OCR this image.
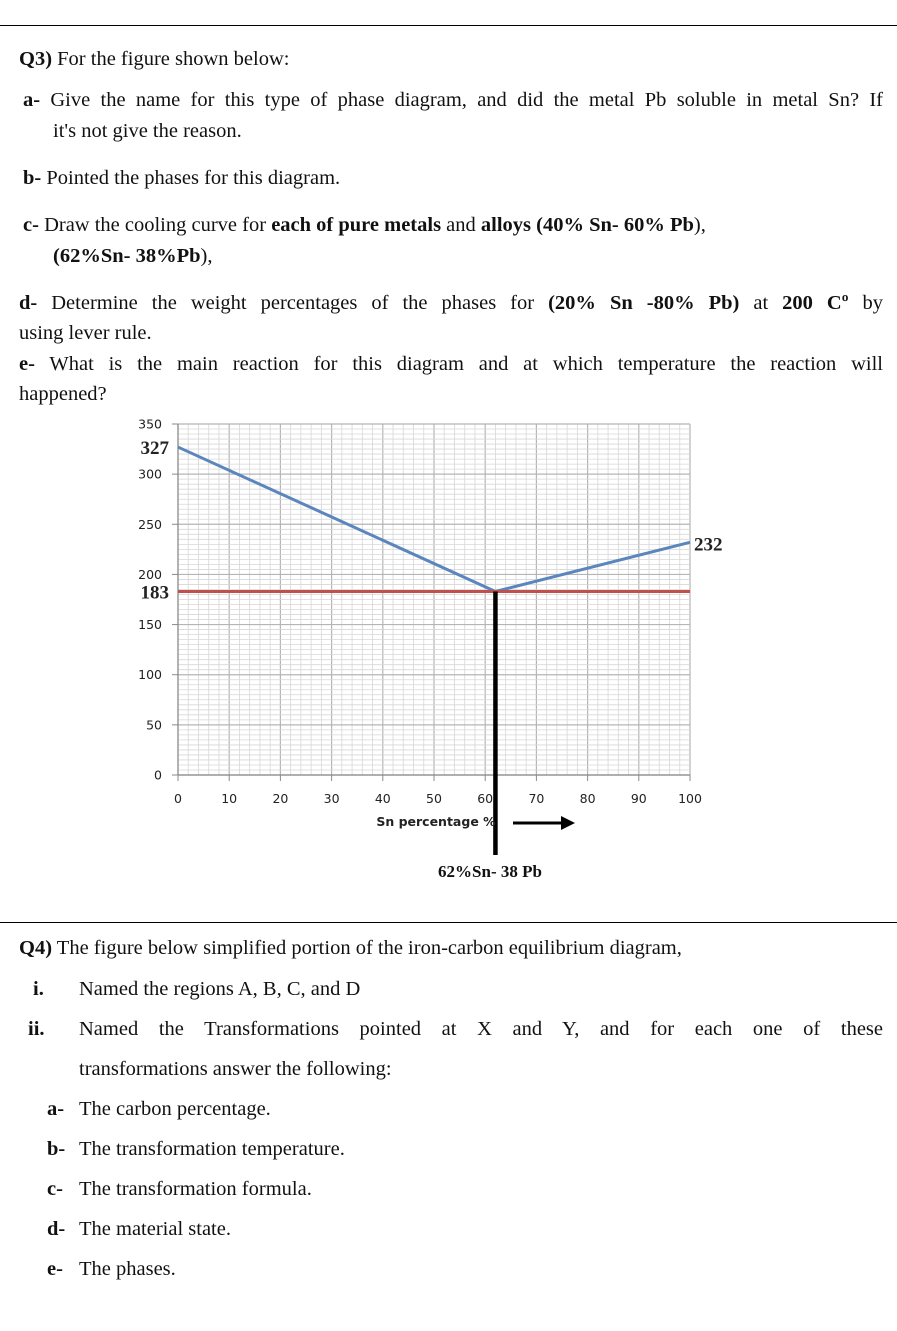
Q3) For the figure shown below:
a- Give the name for this type of phase diagram, and did the metal Pb soluble in metal Sn? If
it's not give the reason.
b- Pointed the phases for this diagram.
c- Draw the cooling curve for each of pure metals and alloys (40% Sn- 60% Pb),
(62%Sn- 38%Pb),
d- Determine the weight percentages of the phases for (20% Sn -80% Pb) at 200 Cº by
using lever rule.
e- What is the main reaction for this diagram and at which temperature the reaction will
happened?
0	10	20	30	40	50	60	70	80	90	100
0
50
100
150
200
250
300
350
327
183
232
Sn percentage %
62%Sn- 38 Pb
Q4) The figure below simplified portion of the iron-carbon equilibrium diagram,
i. Named the regions A, B, C, and D
ii. Named the Transformations pointed at X and Y, and for each one of these
transformations answer the following:
a- The carbon percentage.
b- The transformation temperature.
c- The transformation formula.
d- The material state.
e- The phases.
